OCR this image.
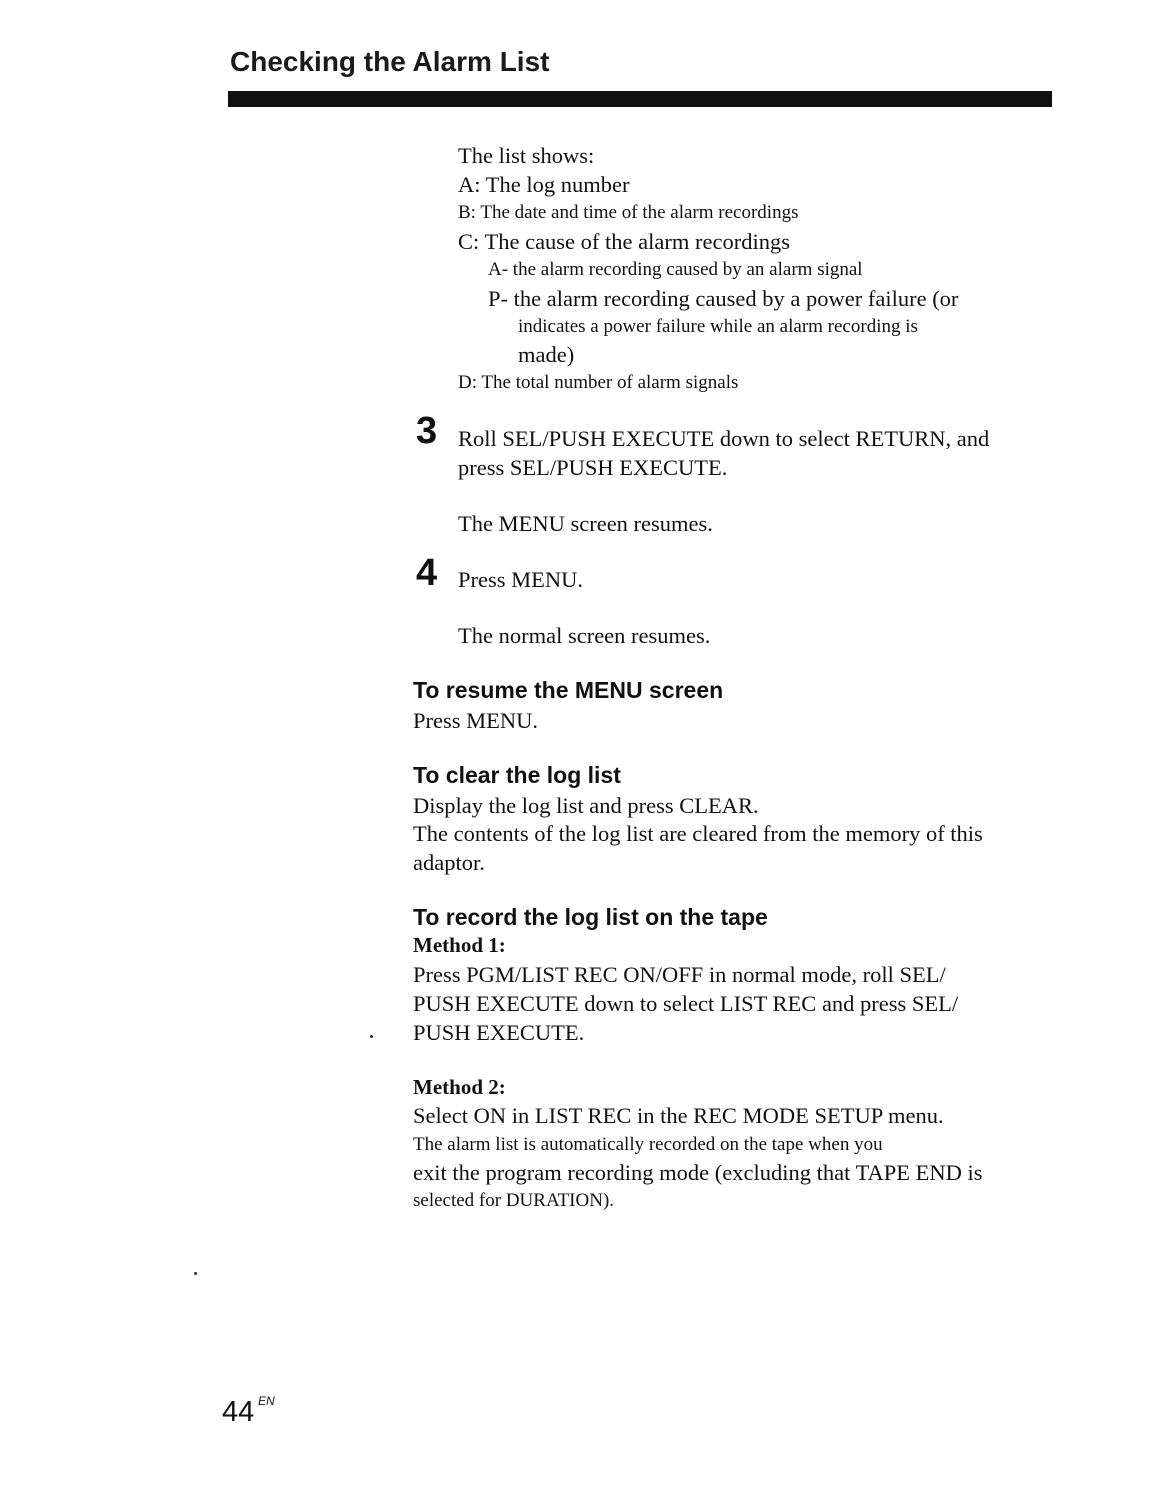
Checking the Alarm List
The list shows:
A: The log number
B: The date and time of the alarm recordings
C: The cause of the alarm recordings
A- the alarm recording caused by an alarm signal
P- the alarm recording caused by a power failure (or
indicates a power failure while an alarm recording is
made)
D: The total number of alarm signals
3 Roll SEL/PUSH EXECUTE down to select RETURN, and
press SEL/PUSH EXECUTE.
The MENU screen resumes.
4 Press MENU.
The normal screen resumes.
To resume the MENU screen
Press MENU.
To clear the log list
Display the log list and press CLEAR.
The contents of the log list are cleared from the memory of this
adaptor.
To record the log list on the tape
Method 1:
Press PGM/LIST REC ON/OFF in normal mode, roll SEL/
PUSH EXECUTE down to select LIST REC and press SEL/
PUSH EXECUTE.
Method 2:
Select ON in LIST REC in the REC MODE SETUP menu.
The alarm list is automatically recorded on the tape when you
exit the program recording mode (excluding that TAPE END is
selected for DURATION).
44 EN
